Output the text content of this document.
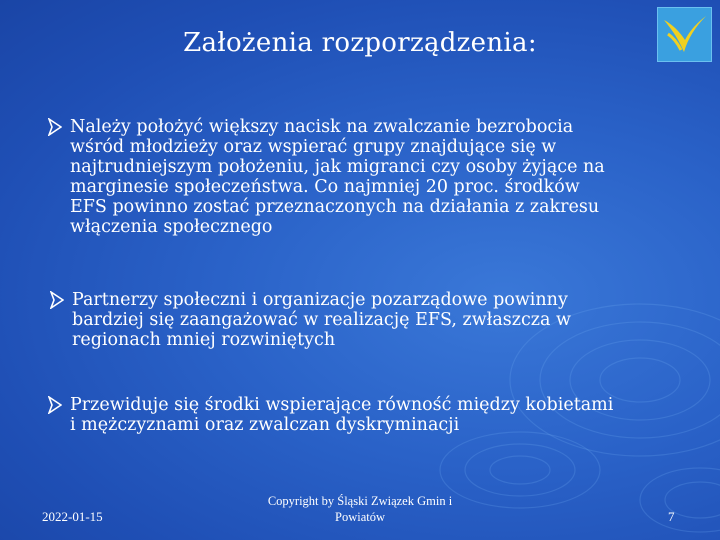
Założenia rozporządzenia:
Należy położyć większy nacisk na zwalczanie bezrobocia
wśród młodzieży oraz wspierać grupy znajdujące się w
najtrudniejszym położeniu, jak migranci czy osoby żyjące na
marginesie społeczeństwa. Co najmniej 20 proc. środków
EFS powinno zostać przeznaczonych na działania z zakresu
włączenia społecznego
Partnerzy społeczni i organizacje pozarządowe powinny
bardziej się zaangażować w realizację EFS, zwłaszcza w
regionach mniej rozwiniętych
Przewiduje się środki wspierające równość między kobietami
i mężczyznami oraz zwalczan dyskryminacji
2022-01-15
Copyright by Śląski Związek Gmin i
Powiatów	7
